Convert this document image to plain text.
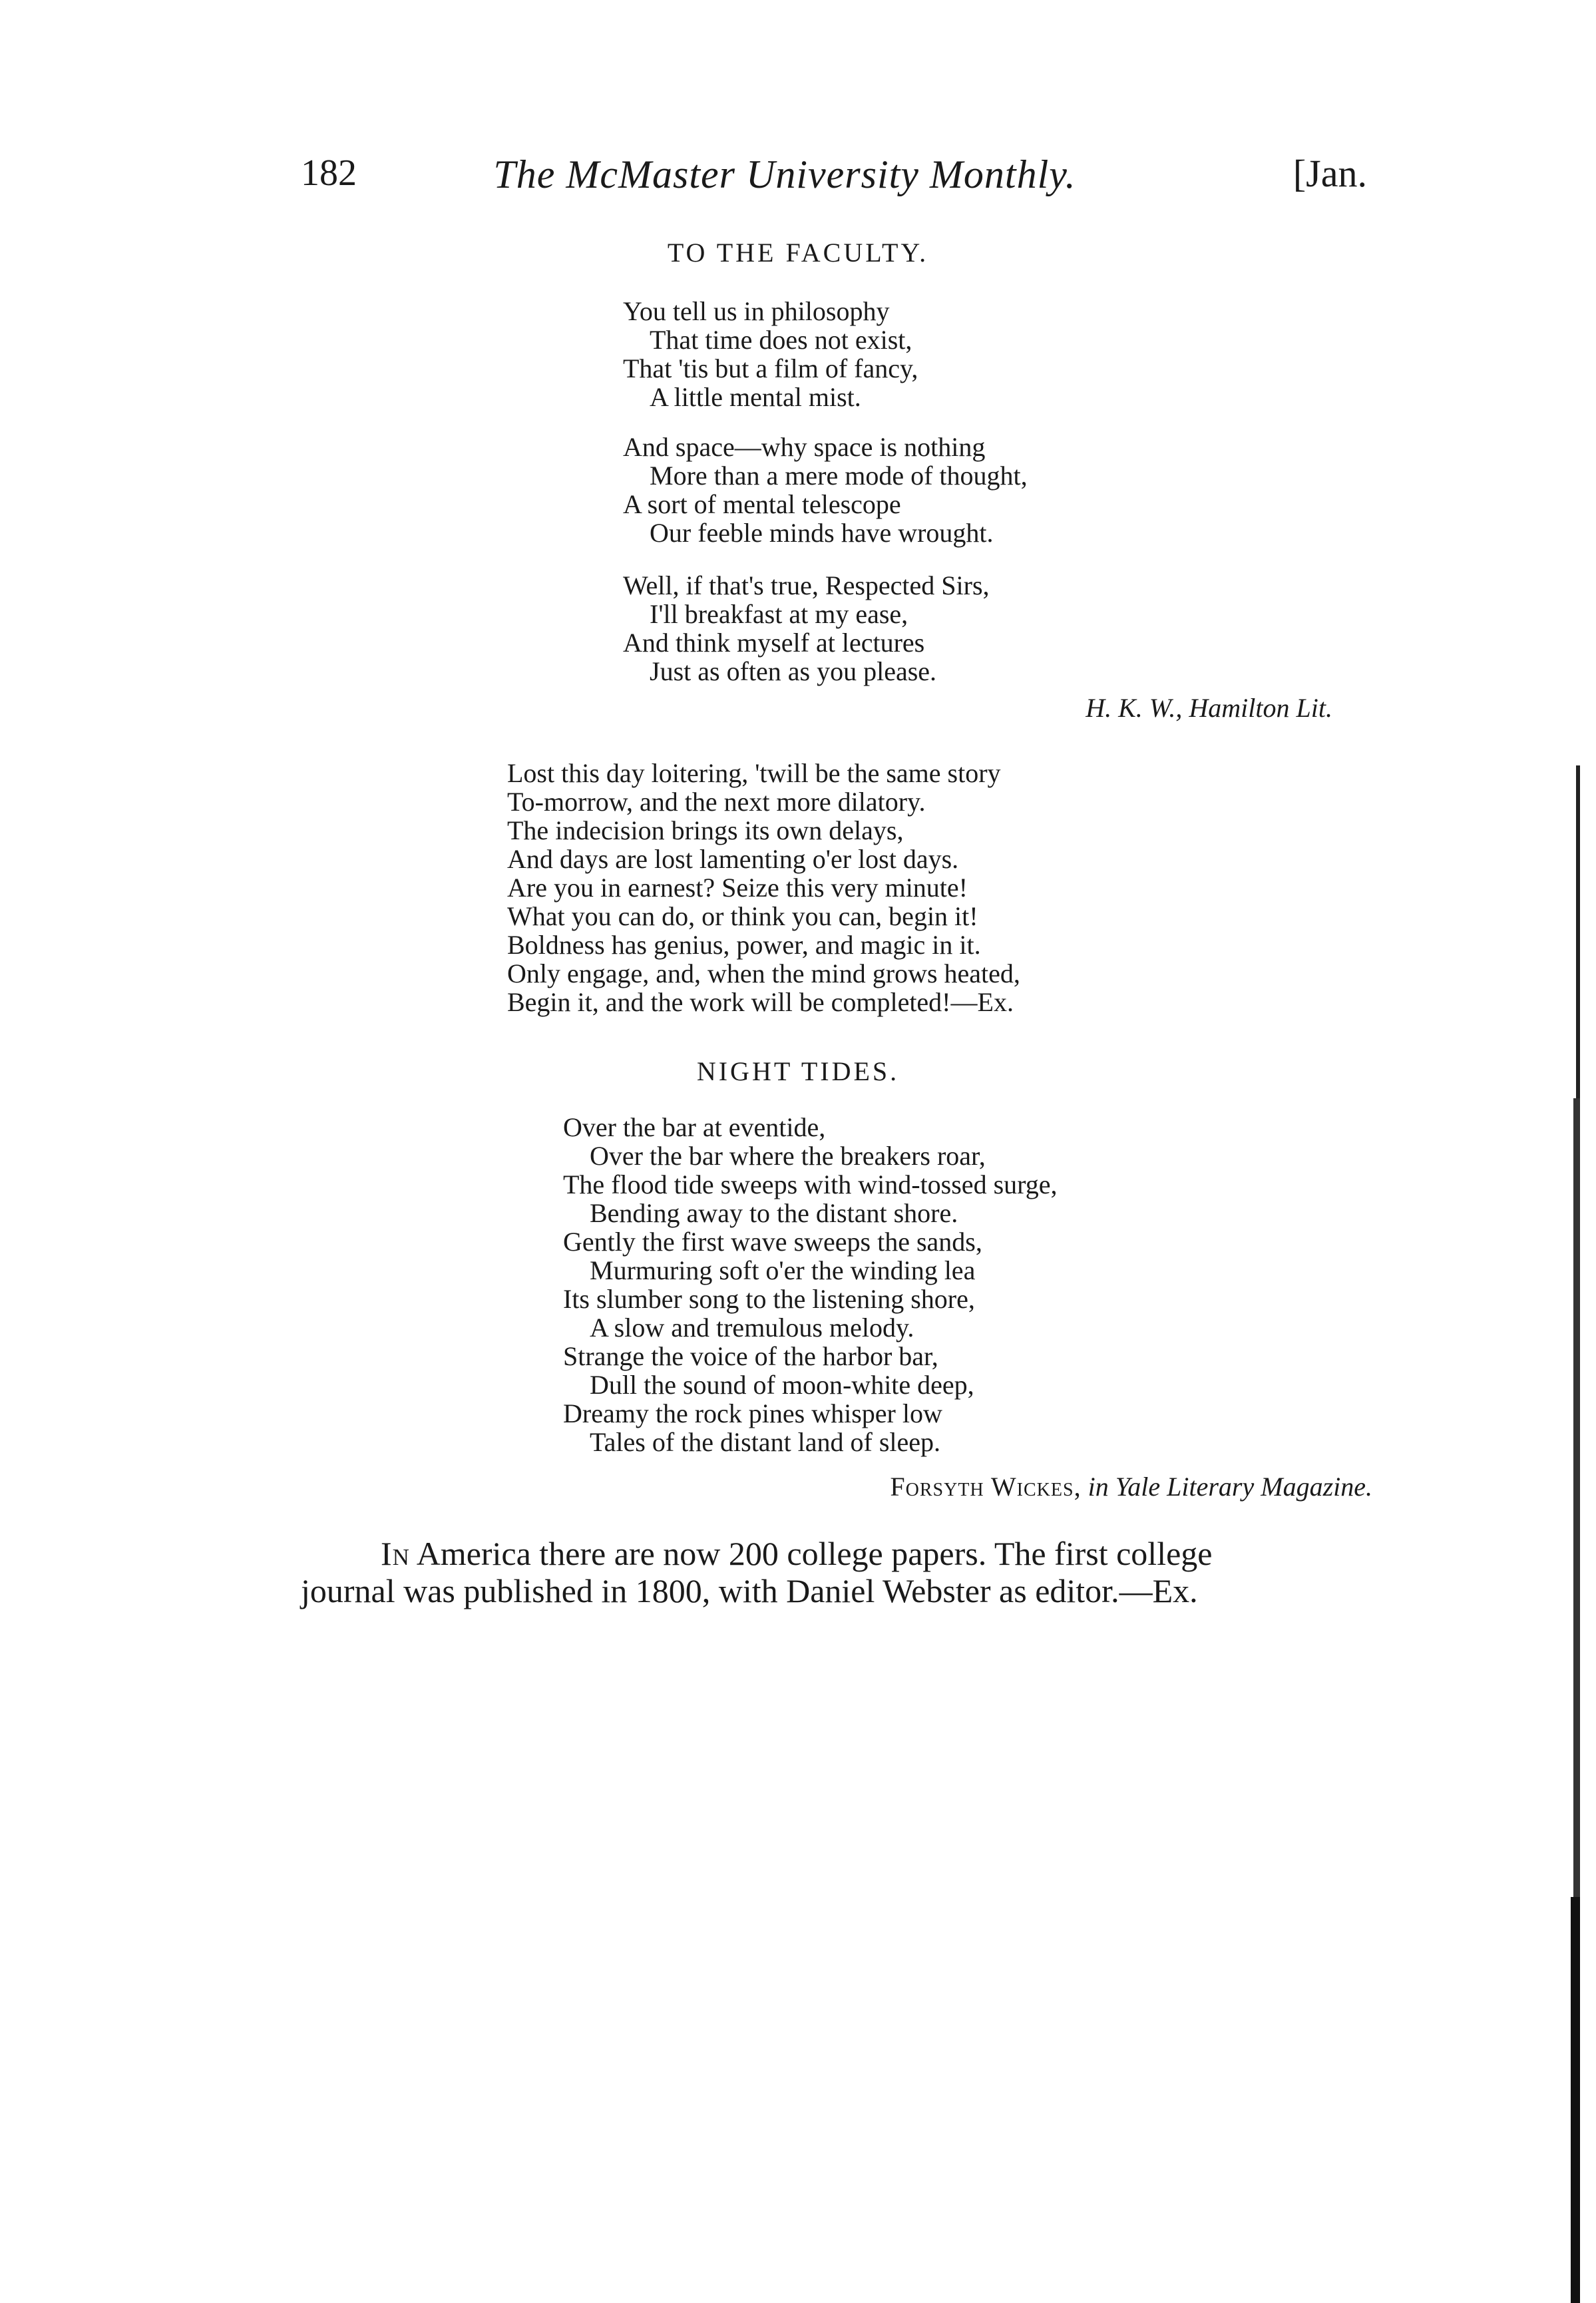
182	The McMaster University Monthly.	[Jan.
TO THE FACULTY.
You tell us in philosophy
That time does not exist,
That 'tis but a film of fancy,
A little mental mist.
And space—why space is nothing
More than a mere mode of thought,
A sort of mental telescope
Our feeble minds have wrought.
Well, if that's true, Respected Sirs,
I'll breakfast at my ease,
And think myself at lectures
Just as often as you please.
H. K. W., Hamilton Lit.
Lost this day loitering, 'twill be the same story
To-morrow, and the next more dilatory.
The indecision brings its own delays,
And days are lost lamenting o'er lost days.
Are you in earnest? Seize this very minute!
What you can do, or think you can, begin it!
Boldness has genius, power, and magic in it.
Only engage, and, when the mind grows heated,
Begin it, and the work will be completed!—Ex.
NIGHT TIDES.
Over the bar at eventide,
Over the bar where the breakers roar,
The flood tide sweeps with wind-tossed surge,
Bending away to the distant shore.
Gently the first wave sweeps the sands,
Murmuring soft o'er the winding lea
Its slumber song to the listening shore,
A slow and tremulous melody.
Strange the voice of the harbor bar,
Dull the sound of moon-white deep,
Dreamy the rock pines whisper low
Tales of the distant land of sleep.
Forsyth Wickes, in Yale Literary Magazine.
In America there are now 200 college papers. The first college
journal was published in 1800, with Daniel Webster as editor.—Ex.
